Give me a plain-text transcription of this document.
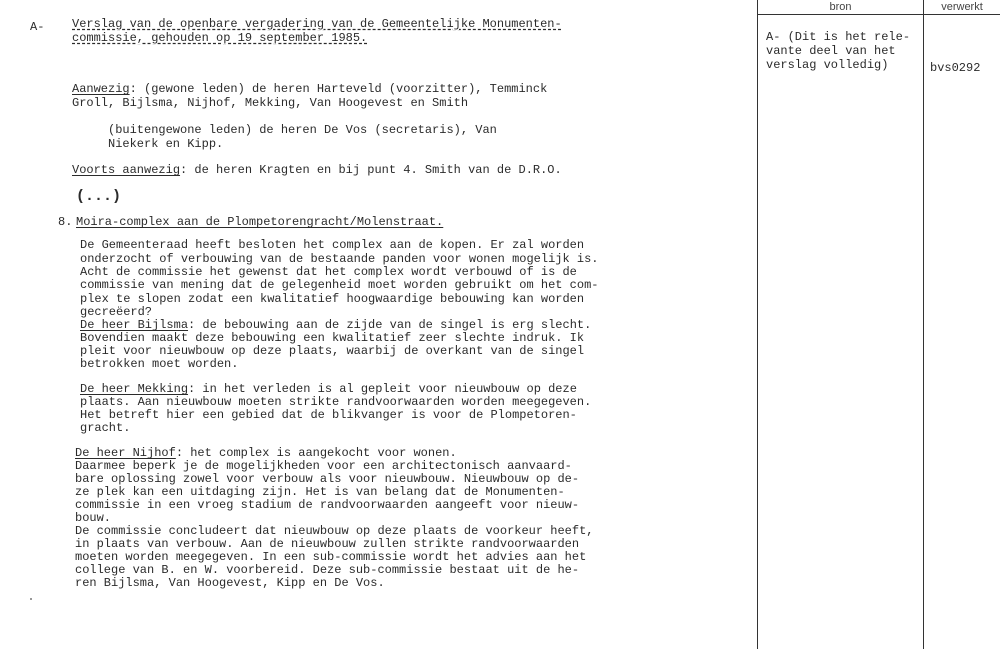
bron	verwerkt
A- (Dit is het rele-
vante deel van het
verslag volledig)	bvs0292
A- Verslag van de openbare vergadering van de Gemeentelijke Monumenten-
commissie, gehouden op 19 september 1985.
Aanwezig: (gewone leden) de heren Harteveld (voorzitter), Temminck
Groll, Bijlsma, Nijhof, Mekking, Van Hoogevest en Smith
(buitengewone leden) de heren De Vos (secretaris), Van
Niekerk en Kipp.
Voorts aanwezig: de heren Kragten en bij punt 4. Smith van de D.R.O.
(...)
8. Moira-complex aan de Plompetorengracht/Molenstraat.
De Gemeenteraad heeft besloten het complex aan de kopen. Er zal worden
onderzocht of verbouwing van de bestaande panden voor wonen mogelijk is.
Acht de commissie het gewenst dat het complex wordt verbouwd of is de
commissie van mening dat de gelegenheid moet worden gebruikt om het com-
plex te slopen zodat een kwalitatief hoogwaardige bebouwing kan worden
gecreëerd?
De heer Bijlsma: de bebouwing aan de zijde van de singel is erg slecht.
Bovendien maakt deze bebouwing een kwalitatief zeer slechte indruk. Ik
pleit voor nieuwbouw op deze plaats, waarbij de overkant van de singel
betrokken moet worden.
De heer Mekking: in het verleden is al gepleit voor nieuwbouw op deze
plaats. Aan nieuwbouw moeten strikte randvoorwaarden worden meegegeven.
Het betreft hier een gebied dat de blikvanger is voor de Plompetoren-
gracht.
De heer Nijhof: het complex is aangekocht voor wonen.
Daarmee beperk je de mogelijkheden voor een architectonisch aanvaard-
bare oplossing zowel voor verbouw als voor nieuwbouw. Nieuwbouw op de-
ze plek kan een uitdaging zijn. Het is van belang dat de Monumenten-
commissie in een vroeg stadium de randvoorwaarden aangeeft voor nieuw-
bouw.
De commissie concludeert dat nieuwbouw op deze plaats de voorkeur heeft,
in plaats van verbouw. Aan de nieuwbouw zullen strikte randvoorwaarden
moeten worden meegegeven. In een sub-commissie wordt het advies aan het
college van B. en W. voorbereid. Deze sub-commissie bestaat uit de he-
ren Bijlsma, Van Hoogevest, Kipp en De Vos.
